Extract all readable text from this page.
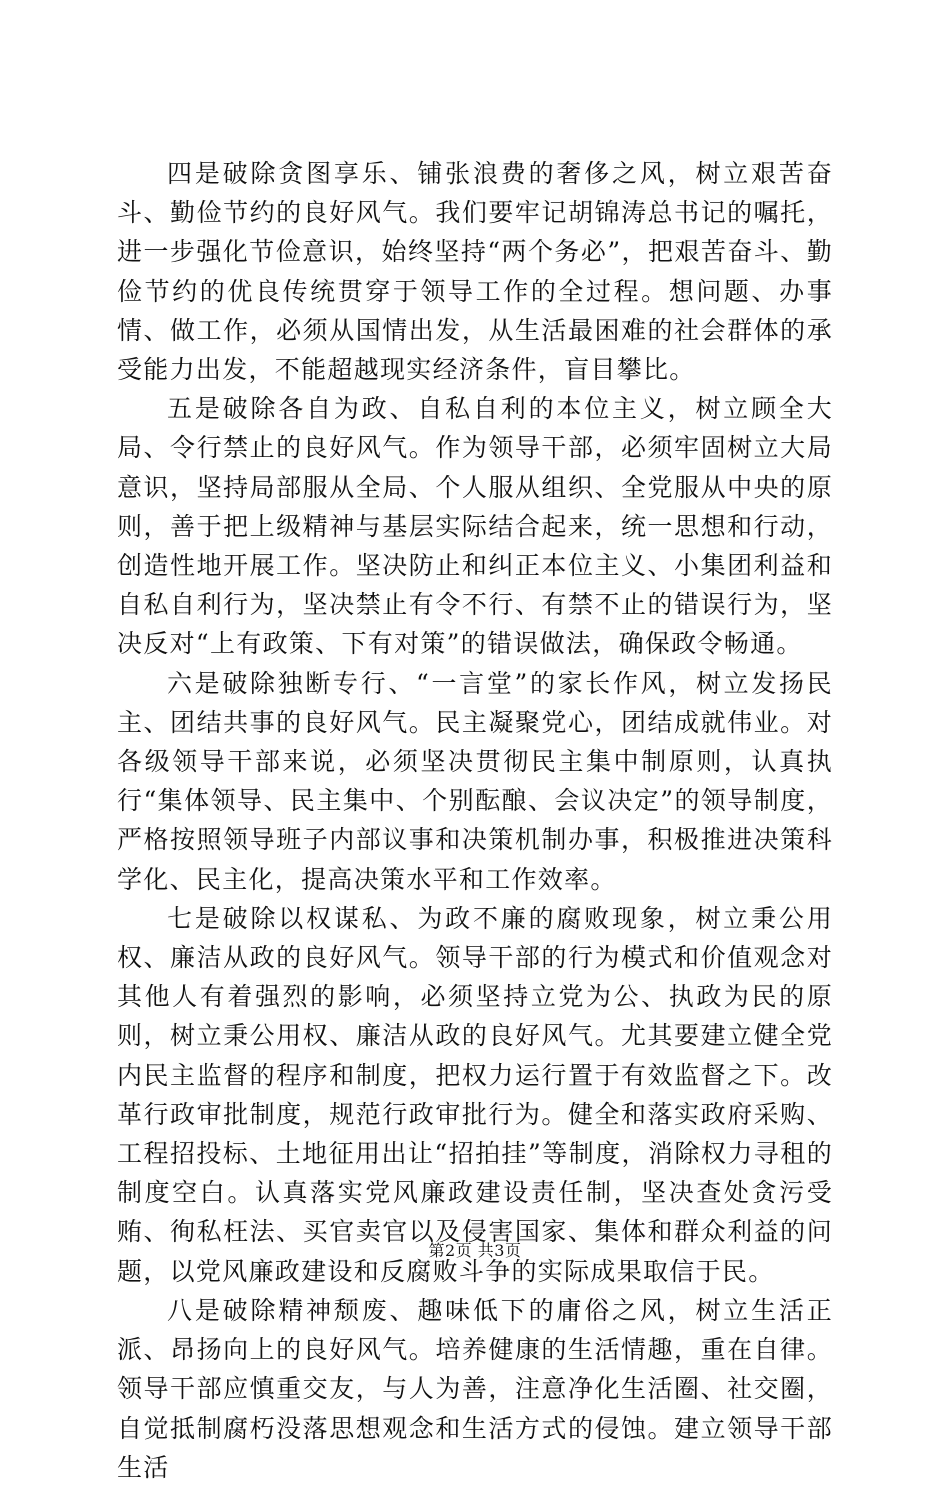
四是破除贪图享乐、铺张浪费的奢侈之风，树立艰苦奋斗、勤俭节约的良好风气。我们要牢记胡锦涛总书记的嘱托，进一步强化节俭意识，始终坚持“两个务必”，把艰苦奋斗、勤俭节约的优良传统贯穿于领导工作的全过程。想问题、办事情、做工作，必须从国情出发，从生活最困难的社会群体的承受能力出发，不能超越现实经济条件，盲目攀比。

五是破除各自为政、自私自利的本位主义，树立顾全大局、令行禁止的良好风气。作为领导干部，必须牢固树立大局意识，坚持局部服从全局、个人服从组织、全党服从中央的原则，善于把上级精神与基层实际结合起来，统一思想和行动，创造性地开展工作。坚决防止和纠正本位主义、小集团利益和自私自利行为，坚决禁止有令不行、有禁不止的错误行为，坚决反对“上有政策、下有对策”的错误做法，确保政令畅通。

六是破除独断专行、“一言堂”的家长作风，树立发扬民主、团结共事的良好风气。民主凝聚党心，团结成就伟业。对各级领导干部来说，必须坚决贯彻民主集中制原则，认真执行“集体领导、民主集中、个别酝酿、会议决定”的领导制度，严格按照领导班子内部议事和决策机制办事，积极推进决策科学化、民主化，提高决策水平和工作效率。

七是破除以权谋私、为政不廉的腐败现象，树立秉公用权、廉洁从政的良好风气。领导干部的行为模式和价值观念对其他人有着强烈的影响，必须坚持立党为公、执政为民的原则，树立秉公用权、廉洁从政的良好风气。尤其要建立健全党内民主监督的程序和制度，把权力运行置于有效监督之下。改革行政审批制度，规范行政审批行为。健全和落实政府采购、工程招投标、土地征用出让“招拍挂”等制度，消除权力寻租的制度空白。认真落实党风廉政建设责任制，坚决查处贪污受贿、徇私枉法、买官卖官以及侵害国家、集体和群众利益的问题，以党风廉政建设和反腐败斗争的实际成果取信于民。

八是破除精神颓废、趣味低下的庸俗之风，树立生活正派、昂扬向上的良好风气。培养健康的生活情趣，重在自律。领导干部应慎重交友，与人为善，注意净化生活圈、社交圈，自觉抵制腐朽没落思想观念和生活方式的侵蚀。建立领导干部生活

第2页 共3页
